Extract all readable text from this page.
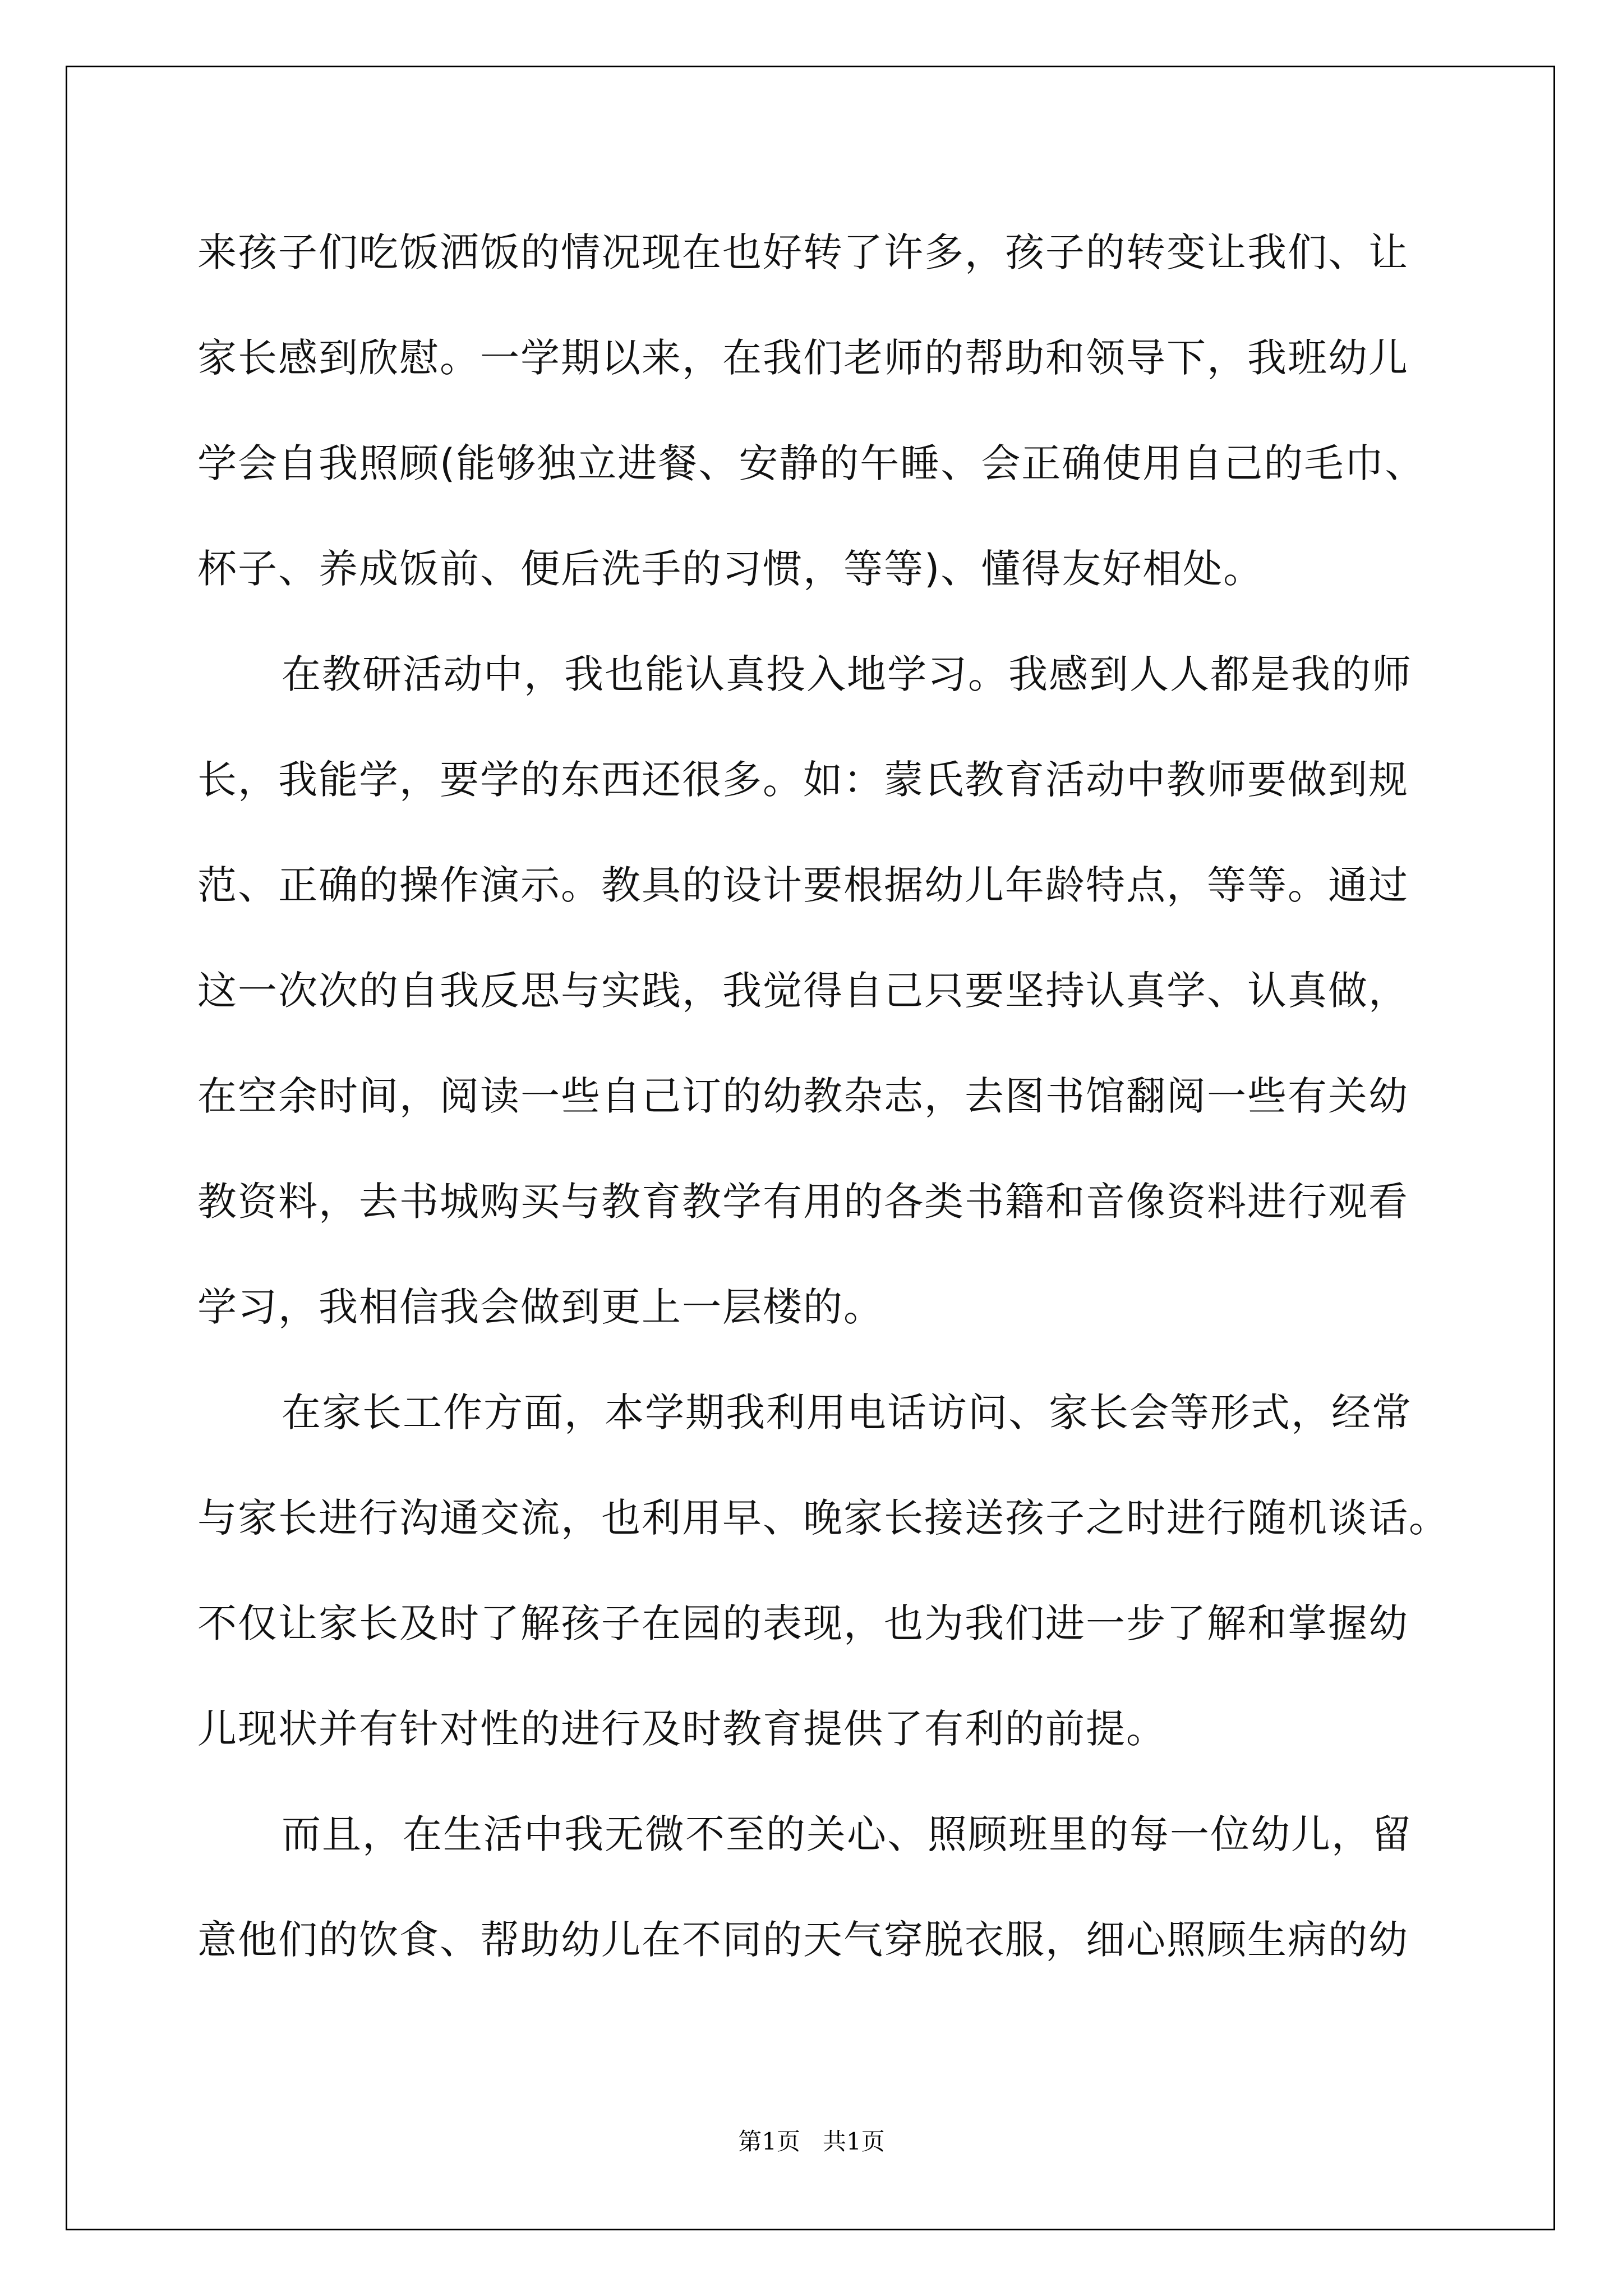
来孩子们吃饭洒饭的情况现在也好转了许多，孩子的转变让我们、让
家长感到欣慰。一学期以来，在我们老师的帮助和领导下，我班幼儿
学会自我照顾(能够独立进餐、安静的午睡、会正确使用自己的毛巾、
杯子、养成饭前、便后洗手的习惯，等等)、懂得友好相处。
在教研活动中，我也能认真投入地学习。我感到人人都是我的师
长，我能学，要学的东西还很多。如：蒙氏教育活动中教师要做到规
范、正确的操作演示。教具的设计要根据幼儿年龄特点，等等。通过
这一次次的自我反思与实践，我觉得自己只要坚持认真学、认真做，
在空余时间，阅读一些自己订的幼教杂志，去图书馆翻阅一些有关幼
教资料，去书城购买与教育教学有用的各类书籍和音像资料进行观看
学习，我相信我会做到更上一层楼的。
在家长工作方面，本学期我利用电话访问、家长会等形式，经常
与家长进行沟通交流，也利用早、晚家长接送孩子之时进行随机谈话。
不仅让家长及时了解孩子在园的表现，也为我们进一步了解和掌握幼
儿现状并有针对性的进行及时教育提供了有利的前提。
而且，在生活中我无微不至的关心、照顾班里的每一位幼儿，留
意他们的饮食、帮助幼儿在不同的天气穿脱衣服，细心照顾生病的幼
第1页   共1页
